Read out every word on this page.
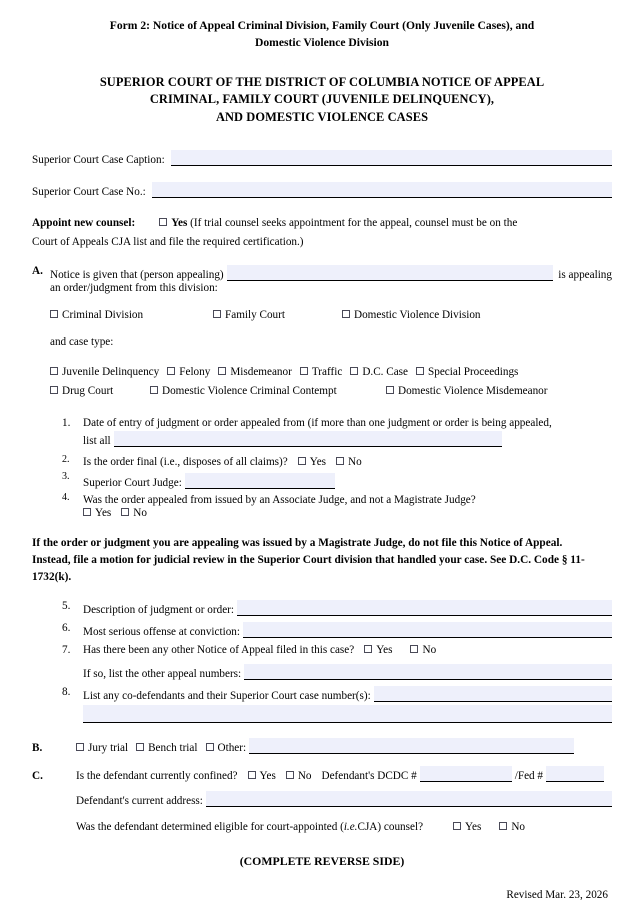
Form 2: Notice of Appeal Criminal Division, Family Court (Only Juvenile Cases), and
Domestic Violence Division
SUPERIOR COURT OF THE DISTRICT OF COLUMBIA NOTICE OF APPEAL
CRIMINAL, FAMILY COURT (JUVENILE DELINQUENCY),
AND DOMESTIC VIOLENCE CASES
Superior Court Case Caption:
Superior Court Case No.:
Appoint new counsel:	Yes (If trial counsel seeks appointment for the appeal, counsel must be on the
Court of Appeals CJA list and file the required certification.)
A. Notice is given that (person appealing)	is appealing
an order/judgment from this division:
Criminal Division	Family Court	Domestic Violence Division
and case type:
Juvenile Delinquency Felony Misdemeanor Traffic D.C. Case Special Proceedings
Drug Court	Domestic Violence Criminal Contempt	Domestic Violence Misdemeanor
1.	Date of entry of judgment or order appealed from (if more than one judgment or order is being appealed,
list all
2.	Is the order final (i.e., disposes of all claims)? Yes No
3.
Superior Court Judge:
4.	Was the order appealed from issued by an Associate Judge, and not a Magistrate Judge?
Yes No
If the order or judgment you are appealing was issued by a Magistrate Judge, do not file this Notice of Appeal.
Instead, file a motion for judicial review in the Superior Court division that handled your case. See D.C. Code § 11-
1732(k).
5.	Description of judgment or order:
6.	Most serious offense at conviction:
7.	Has there been any other Notice of Appeal filed in this case? Yes	No
If so, list the other appeal numbers:
8.	List any co-defendants and their Superior Court case number(s):
B.	Jury trial Bench trial Other:
C.	Is the defendant currently confined? Yes No Defendant's DCDC #	/Fed #
Defendant's current address:
Was the defendant determined eligible for court-appointed ( i.e. CJA) counsel?	Yes	No
(COMPLETE REVERSE SIDE)
Revised Mar. 23, 2026
